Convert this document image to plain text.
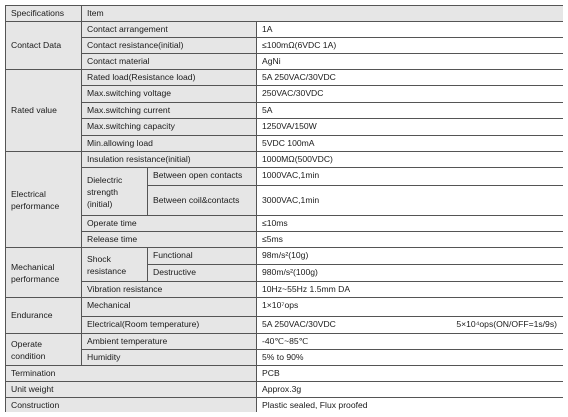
Specifications	Item
Contact Data
Contact arrangement	1A
Contact resistance(initial)	≤100mΩ(6VDC 1A)
Contact material	AgNi
Rated value
Rated load(Resistance load)	5A 250VAC/30VDC
Max.switching voltage	250VAC/30VDC
Max.switching current	5A
Max.switching capacity	1250VA/150W
Min.allowing load	5VDC 100mA
Electrical
performance
Insulation resistance(initial)	1000MΩ(500VDC)
Dielectric
strength
(initial)
Between open contacts	1000VAC,1min
Between coil&contacts	3000VAC,1min
Operate time	≤10ms
Release time	≤5ms
Mechanical
performance
Shock
resistance
Functional	98m/s²(10g)
Destructive	980m/s²(100g)
Vibration resistance	10Hz~55Hz 1.5mm DA
Endurance
Mechanical	1×10⁷ops
Electrical(Room temperature)	5A 250VAC/30VDC	5×10⁴ops(ON/OFF=1s/9s)
Operate
condition
Ambient temperature	-40℃~85℃
Humidity	5% to 90%
Termination	PCB
Unit weight	Approx.3g
Construction	Plastic sealed, Flux proofed
